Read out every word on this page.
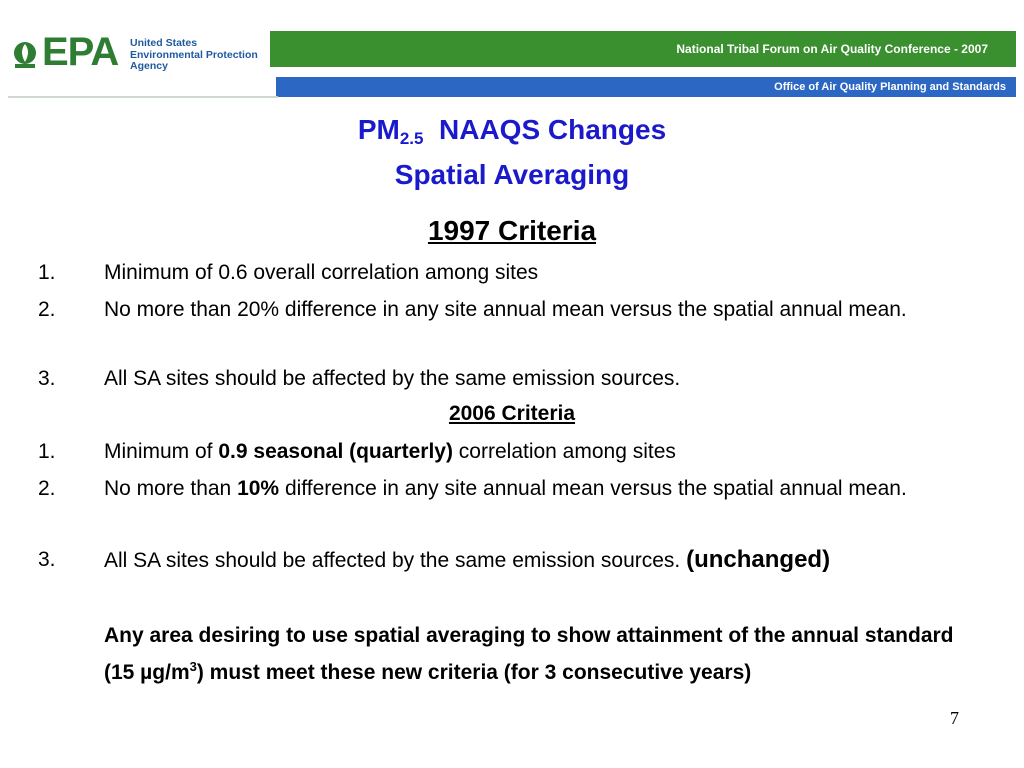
EPA United States
Environmental Protection
Agency
National Tribal Forum on Air Quality Conference - 2007
Office of Air Quality Planning and Standards
$PM_{2.5}$ NAAQS Changes
Spatial Averaging
1997 Criteria
1.	Minimum of 0.6 overall correlation among sites
2.	No more than 20% difference in any site annual mean versus the spatial annual mean.
3.	All SA sites should be affected by the same emission sources.
2006 Criteria
1.	Minimum of 0.9 seasonal (quarterly) correlation among sites
2.	No more than 10% difference in any site annual mean versus the spatial annual mean.
3.	All SA sites should be affected by the same emission sources. (unchanged)
Any area desiring to use spatial averaging to show attainment of the annual standard (15 $\mu g/m^3$) must meet these new criteria (for 3 consecutive years)
7
